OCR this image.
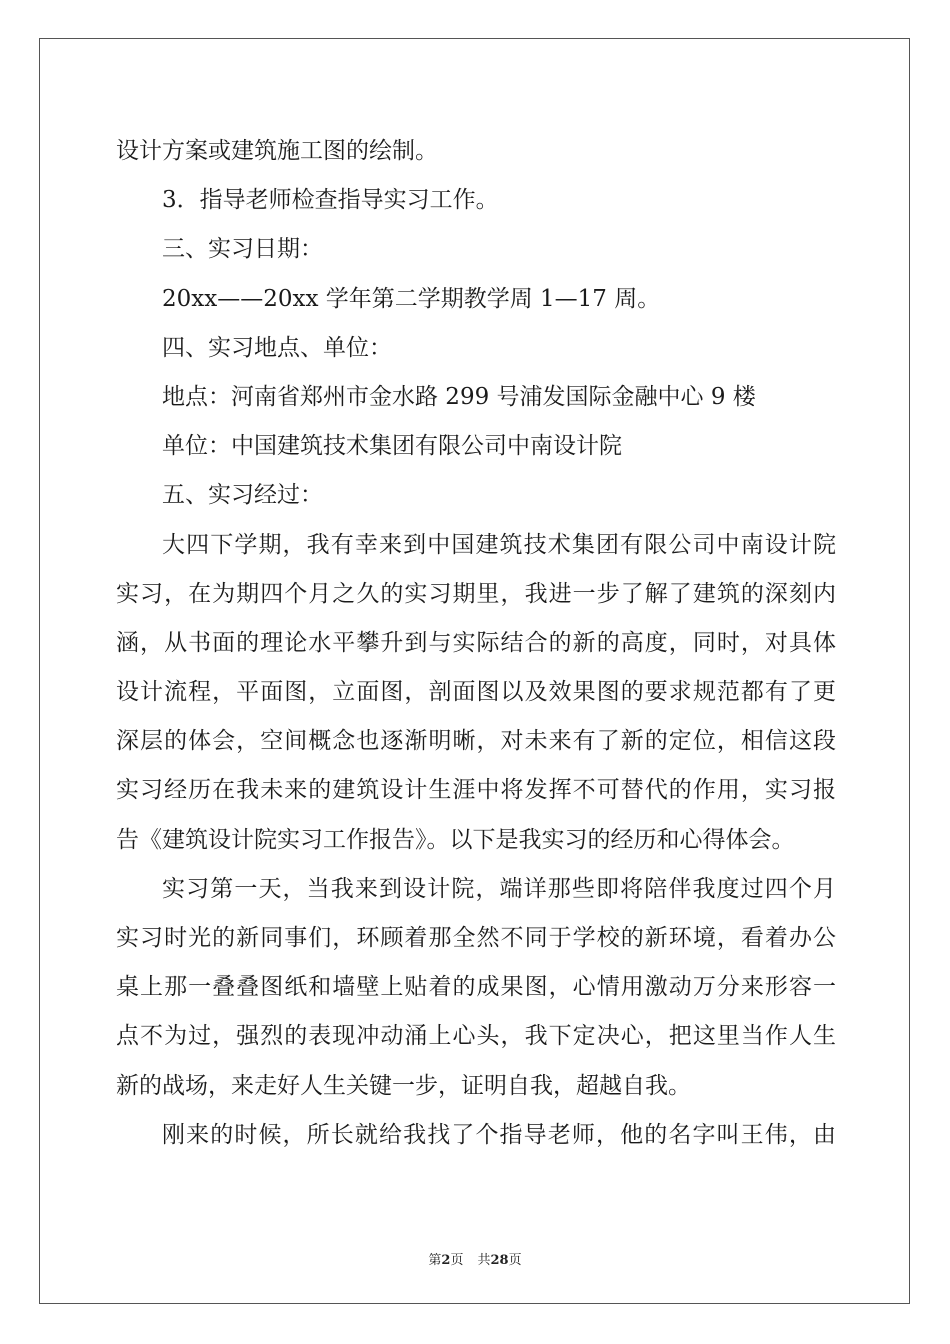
设计方案或建筑施工图的绘制。
3．指导老师检查指导实习工作。
三、实习日期：
20xx——20xx 学年第二学期教学周 1—17 周。
四、实习地点、单位：
地点：河南省郑州市金水路 299 号浦发国际金融中心 9 楼
单位：中国建筑技术集团有限公司中南设计院
五、实习经过：
大四下学期，我有幸来到中国建筑技术集团有限公司中南设计院
实习，在为期四个月之久的实习期里，我进一步了解了建筑的深刻内
涵，从书面的理论水平攀升到与实际结合的新的高度，同时，对具体
设计流程，平面图，立面图，剖面图以及效果图的要求规范都有了更
深层的体会，空间概念也逐渐明晰，对未来有了新的定位，相信这段
实习经历在我未来的建筑设计生涯中将发挥不可替代的作用，实习报
告《建筑设计院实习工作报告》。以下是我实习的经历和心得体会。
实习第一天，当我来到设计院，端详那些即将陪伴我度过四个月
实习时光的新同事们，环顾着那全然不同于学校的新环境，看着办公
桌上那一叠叠图纸和墙壁上贴着的成果图，心情用激动万分来形容一
点不为过，强烈的表现冲动涌上心头，我下定决心，把这里当作人生
新的战场，来走好人生关键一步，证明自我，超越自我。
刚来的时候，所长就给我找了个指导老师，他的名字叫王伟，由
第2页 共28页
